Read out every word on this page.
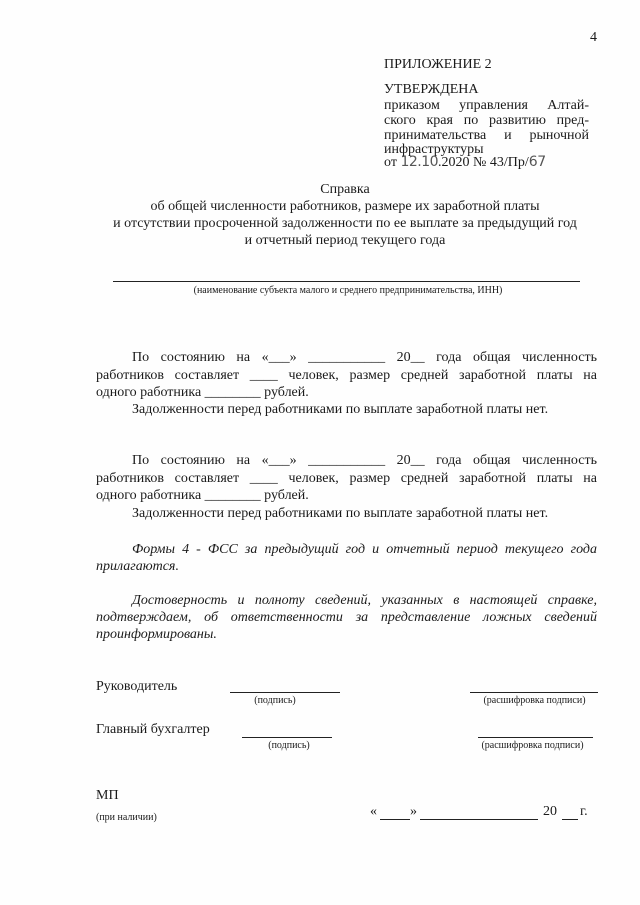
4
ПРИЛОЖЕНИЕ 2
УТВЕРЖДЕНА
приказом управления Алтай-
ского края по развитию пред-
принимательства и рыночной
инфраструктуры
от 12.10.2020 № 43/Пр/67
Справка
об общей численности работников, размере их заработной платы
и отсутствии просроченной задолженности по ее выплате за предыдущий год
и отчетный период текущего года
(наименование субъекта малого и среднего предпринимательства, ИНН)
По состоянию на «___» ___________ 20__ года общая численность
работников составляет ____ человек, размер средней заработной платы на
одного работника ________ рублей.
Задолженности перед работниками по выплате заработной платы нет.
По состоянию на «___» ___________ 20__ года общая численность
работников составляет ____ человек, размер средней заработной платы на
одного работника ________ рублей.
Задолженности перед работниками по выплате заработной платы нет.
Формы 4 - ФСС за предыдущий год и отчетный период текущего года
прилагаются.
Достоверность и полноту сведений, указанных в настоящей справке,
подтверждаем, об ответственности за представление ложных сведений
проинформированы.
Руководитель
(подпись)	(расшифровка подписи)
Главный бухгалтер
(подпись)	(расшифровка подписи)
МП
(при наличии)	« »	20 г.
